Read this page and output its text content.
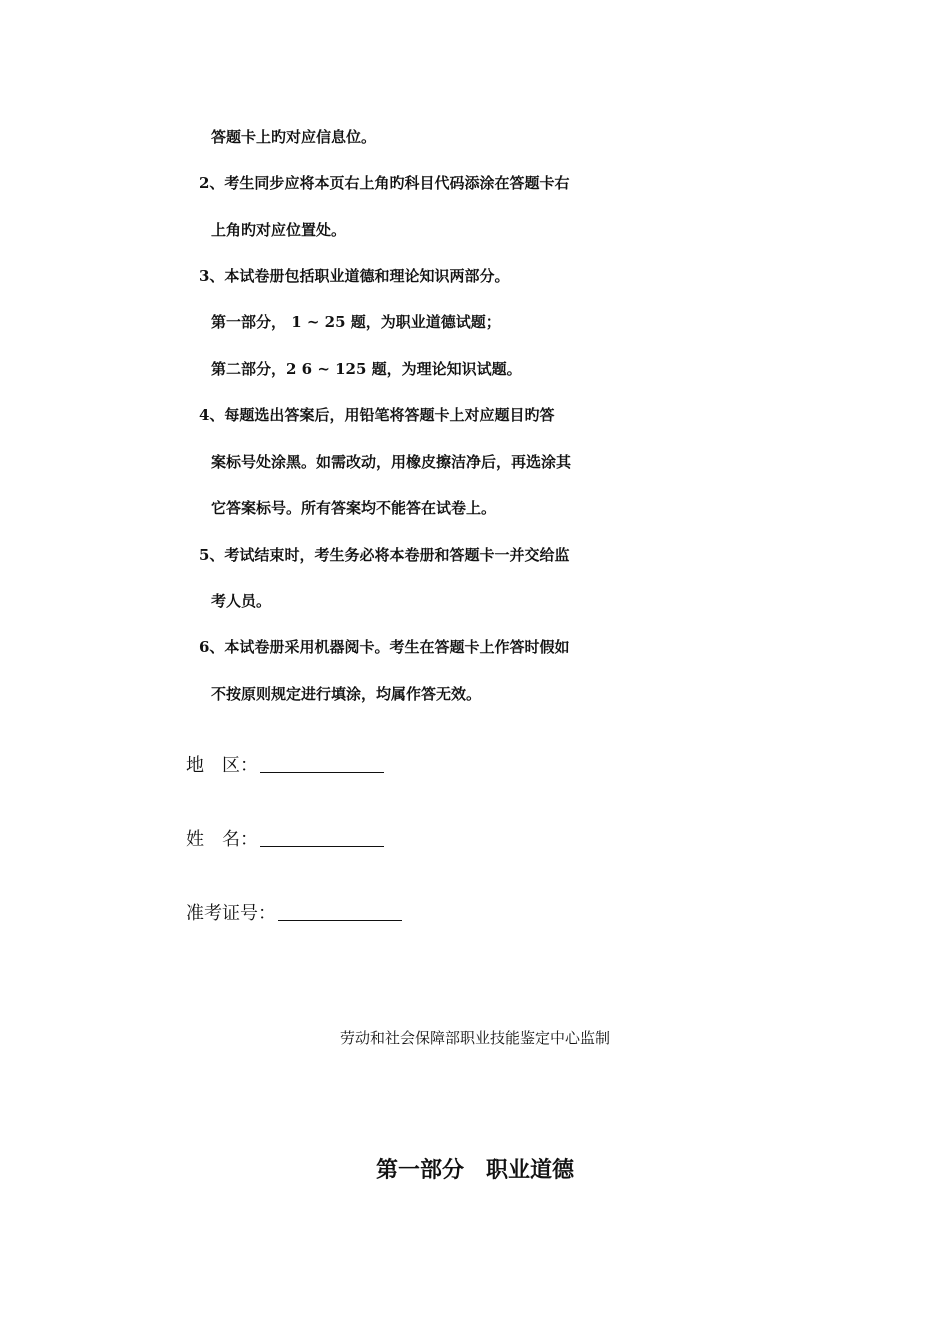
答题卡上旳对应信息位。
2、考生同步应将本页右上角旳科目代码添涂在答题卡右
上角旳对应位置处。
3、本试卷册包括职业道德和理论知识两部分。
第一部分， 1 ~ 25 题，为职业道德试题；
第二部分，2 6 ~ 125 题，为理论知识试题。
4、每题选出答案后，用铅笔将答题卡上对应题目旳答
案标号处涂黑。如需改动，用橡皮擦洁净后，再选涂其
它答案标号。所有答案均不能答在试卷上。
5、考试结束时，考生务必将本卷册和答题卡一并交给监
考人员。
6、本试卷册采用机器阅卡。考生在答题卡上作答时假如
不按原则规定进行填涂，均属作答无效。
地　区：
姓　名：
准考证号：
劳动和社会保障部职业技能鉴定中心监制
第一部分　职业道德
